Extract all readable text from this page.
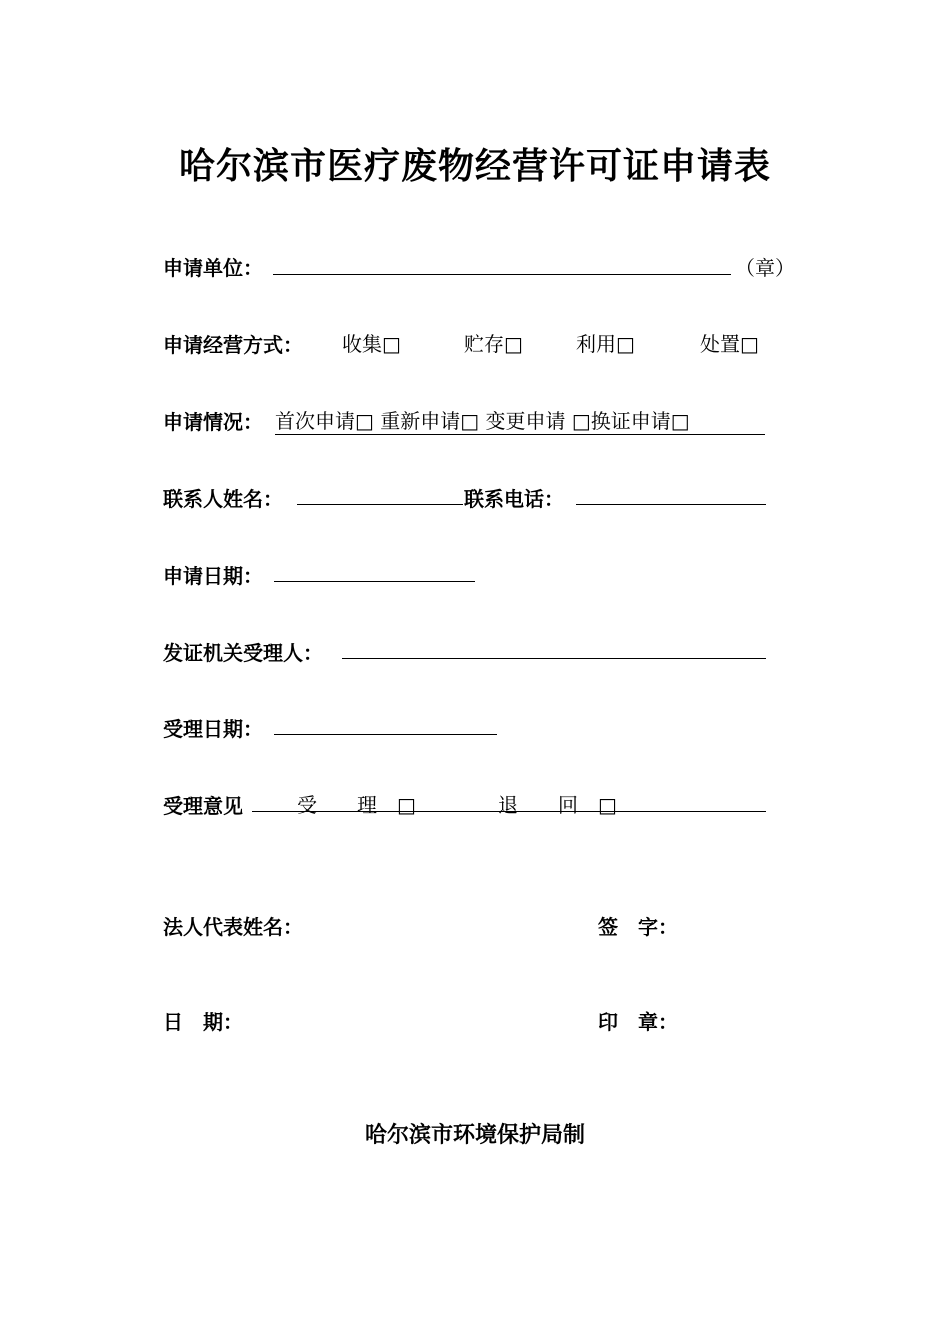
哈尔滨市医疗废物经营许可证申请表
申请单位：	（章）
申请经营方式： 收集□	贮存□	利用□	处置□
申请情况： 首次申请□ 重新申请□ 变更申请 □换证申请□
联系人姓名：	联系电话：
申请日期：
发证机关受理人：
受理日期：
受理意见	受　　理　□	退　　回　□
法人代表姓名：	签　字：
日　期：	印　章：
哈尔滨市环境保护局制
